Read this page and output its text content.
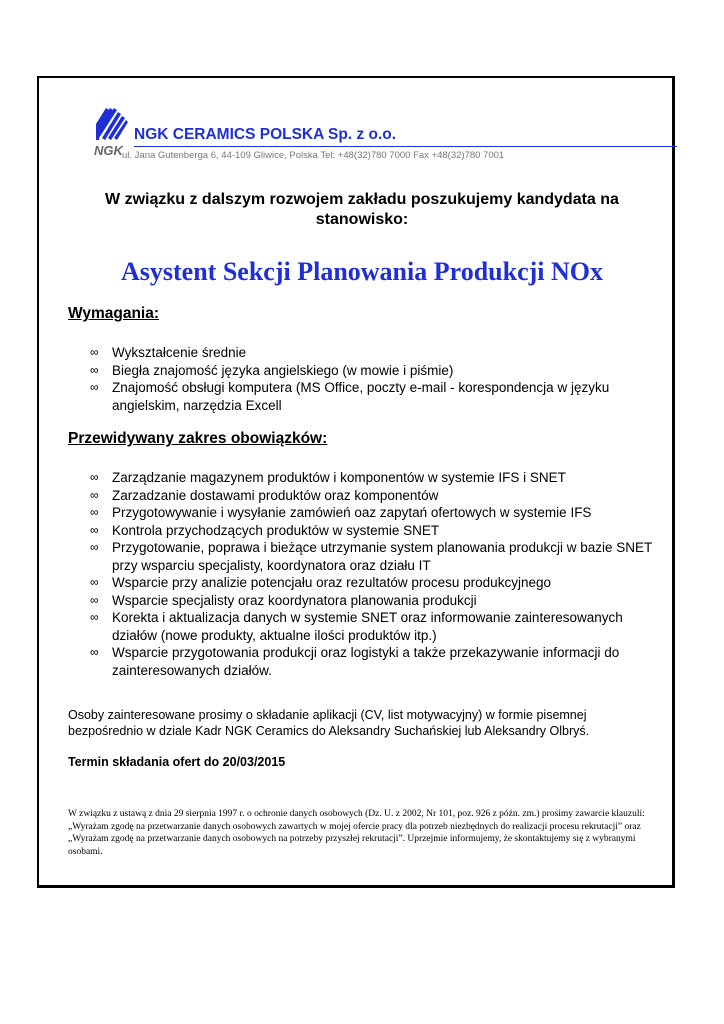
NGK
NGK CERAMICS POLSKA Sp. z o.o.
ul. Jana Gutenberga 6, 44-109 Gliwice, Polska Tel: +48(32)780 7000 Fax +48(32)780 7001
W związku z dalszym rozwojem zakładu poszukujemy kandydata na stanowisko:
Asystent Sekcji Planowania Produkcji NOx
Wymagania:
∞ Wykształcenie średnie
∞ Biegła znajomość języka angielskiego (w mowie i piśmie)
∞ Znajomość obsługi komputera (MS Office, poczty e-mail - korespondencja w języku angielskim, narzędzia Excell
Przewidywany zakres obowiązków:
∞ Zarządzanie magazynem produktów i komponentów w systemie IFS i SNET
∞ Zarzadzanie dostawami produktów oraz komponentów
∞ Przygotowywanie i wysyłanie zamówień oaz zapytań ofertowych w systemie IFS
∞ Kontrola przychodzących produktów w systemie SNET
∞ Przygotowanie, poprawa i bieżące utrzymanie system planowania produkcji w bazie SNET przy wsparciu specjalisty, koordynatora oraz działu IT
∞ Wsparcie przy analizie potencjału oraz rezultatów procesu produkcyjnego
∞ Wsparcie specjalisty oraz koordynatora planowania produkcji
∞ Korekta i aktualizacja danych w systemie SNET oraz informowanie zainteresowanych działów (nowe produkty, aktualne ilości produktów itp.)
∞ Wsparcie przygotowania produkcji oraz logistyki a także przekazywanie informacji do zainteresowanych działów.
Osoby zainteresowane prosimy o składanie aplikacji (CV, list motywacyjny) w formie pisemnej bezpośrednio w dziale Kadr NGK Ceramics do Aleksandry Suchańskiej lub Aleksandry Olbryś.
Termin składania ofert do 20/03/2015
W związku z ustawą z dnia 29 sierpnia 1997 r. o ochronie danych osobowych (Dz. U. z 2002, Nr 101, poz. 926 z późn. zm.) prosimy zawarcie klauzuli: „Wyrażam zgodę na przetwarzanie danych osobowych zawartych w mojej ofercie pracy dla potrzeb niezbędnych do realizacji procesu rekrutacji” oraz „Wyrażam zgodę na przetwarzanie danych osobowych na potrzeby przyszłej rekrutacji”. Uprzejmie informujemy, że skontaktujemy się z wybranymi osobami.
